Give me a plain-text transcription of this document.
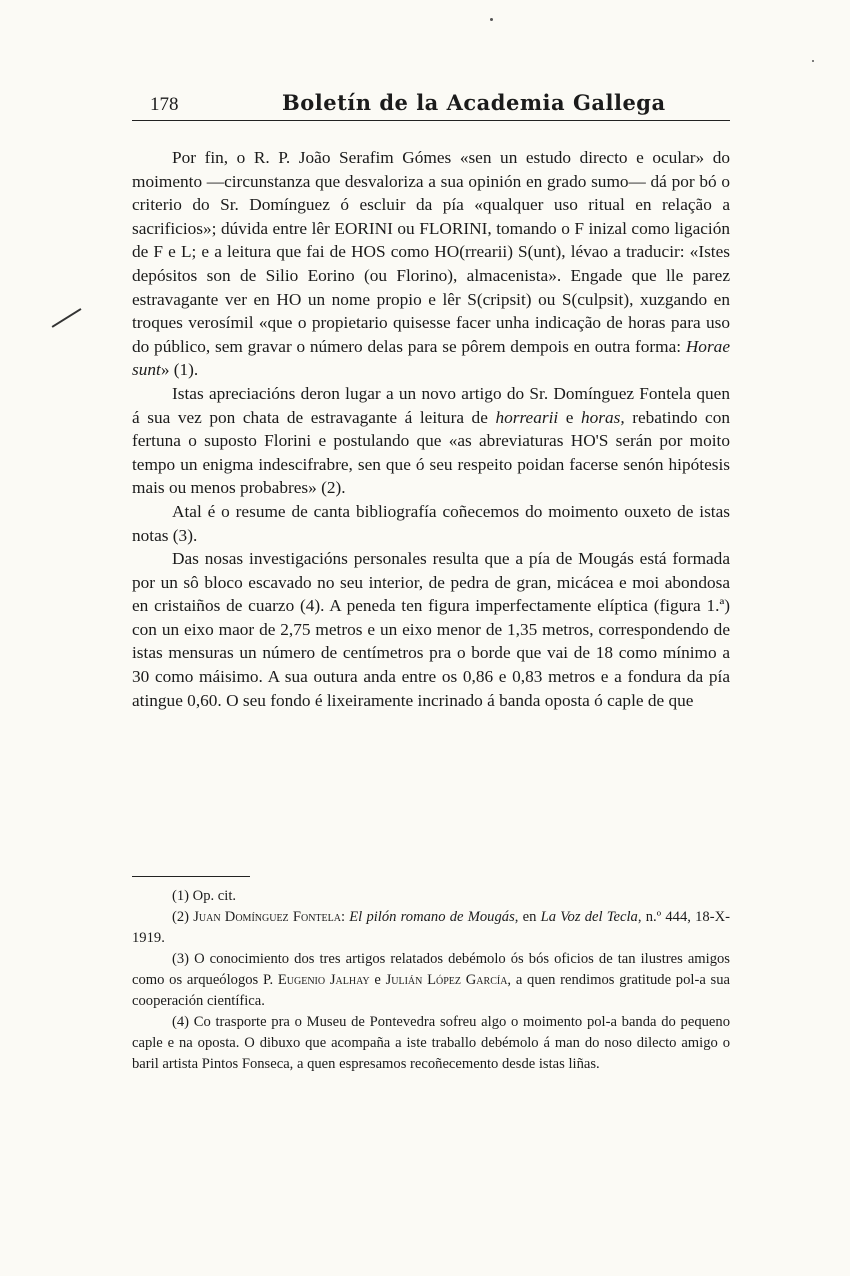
178	Boletín de la Academia Gallega

Por fin, o R. P. João Serafim Gómes «sen un estudo directo e ocular» do moimento —circunstanza que desvaloriza a sua opinión en grado sumo— dá por bó o criterio do Sr. Domínguez ó escluir da pía «qualquer uso ritual en relação a sacrificios»; dúvida entre lêr EORINI ou FLORINI, tomando o F inizal como ligación de F e L; e a leitura que fai de HOS como HO(rrearii) S(unt), lévao a traducir: «Istes depósitos son de Silio Eorino (ou Florino), almacenista». Engade que lle parez estravagante ver en HO un nome propio e lêr S(cripsit) ou S(culpsit), xuzgando en troques verosímil «que o propietario quisesse facer unha indicação de horas para uso do público, sem gravar o número delas para se pôrem dempois en outra forma: Horae sunt» (1).

Istas apreciacións deron lugar a un novo artigo do Sr. Domínguez Fontela quen á sua vez pon chata de estravagante á leitura de horrearii e horas, rebatindo con fertuna o suposto Florini e postulando que «as abreviaturas HO'S serán por moito tempo un enigma indescifrabre, sen que ó seu respeito poidan facerse senón hipótesis mais ou menos probabres» (2).

Atal é o resume de canta bibliografía coñecemos do moimento ouxeto de istas notas (3).

Das nosas investigacións personales resulta que a pía de Mougás está formada por un sô bloco escavado no seu interior, de pedra de gran, micácea e moi abondosa en cristaiños de cuarzo (4). A peneda ten figura imperfectamente elíptica (figura 1.ª) con un eixo maor de 2,75 metros e un eixo menor de 1,35 metros, correspondendo de istas mensuras un número de centímetros pra o borde que vai de 18 como mínimo a 30 como máisimo. A sua outura anda entre os 0,86 e 0,83 metros e a fondura da pía atingue 0,60. O seu fondo é lixeiramente incrinado á banda oposta ó caple de que

(1) Op. cit.

(2) Juan Domínguez Fontela: El pilón romano de Mougás, en La Voz del Tecla, n.º 444, 18-X-1919.

(3) O conocimiento dos tres artigos relatados debémolo ós bós oficios de tan ilustres amigos como os arqueólogos P. Eugenio Jalhay e Julián López García, a quen rendimos gratitude pol-a sua cooperación científica.

(4) Co trasporte pra o Museu de Pontevedra sofreu algo o moimento pol-a banda do pequeno caple e na oposta. O dibuxo que acompaña a iste traballo debémolo á man do noso dilecto amigo o baril artista Pintos Fonseca, a quen espresamos recoñecemento desde istas liñas.
